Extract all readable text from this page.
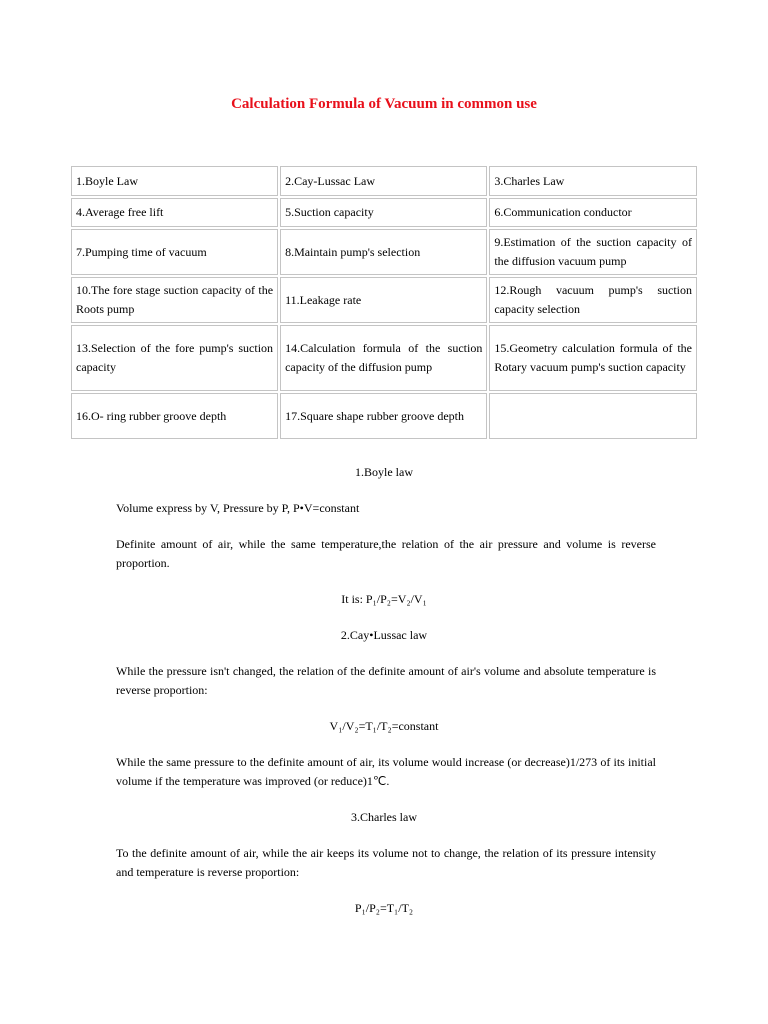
Calculation Formula of Vacuum in common use
1.Boyle Law	2.Cay-Lussac Law	3.Charles Law
4.Average free lift	5.Suction capacity	6.Communication conductor
7.Pumping time of vacuum	8.Maintain pump's selection	9.Estimation of the suction capacity of the diffusion vacuum pump
10.The fore stage suction capacity of the Roots pump	11.Leakage rate	12.Rough vacuum pump's suction capacity selection
13.Selection of the fore pump's suction capacity	14.Calculation formula of the suction capacity of the diffusion pump	15.Geometry calculation formula of the Rotary vacuum pump's suction capacity
16.O- ring rubber groove depth	17.Square shape rubber groove depth	
1.Boyle law
Volume express by V, Pressure by P, P•V=constant
Definite amount of air, while the same temperature,the relation of the air pressure and volume is reverse proportion.
It is: P₁/P₂=V₂/V₁
2.Cay•Lussac law
While the pressure isn't changed, the relation of the definite amount of air's volume and absolute temperature is reverse proportion:
V₁/V₂=T₁/T₂=constant
While the same pressure to the definite amount of air, its volume would increase (or decrease)1/273 of its initial volume if the temperature was improved (or reduce)1℃.
3.Charles law
To the definite amount of air, while the air keeps its volume not to change, the relation of its pressure intensity and temperature is reverse proportion:
P₁/P₂=T₁/T₂
